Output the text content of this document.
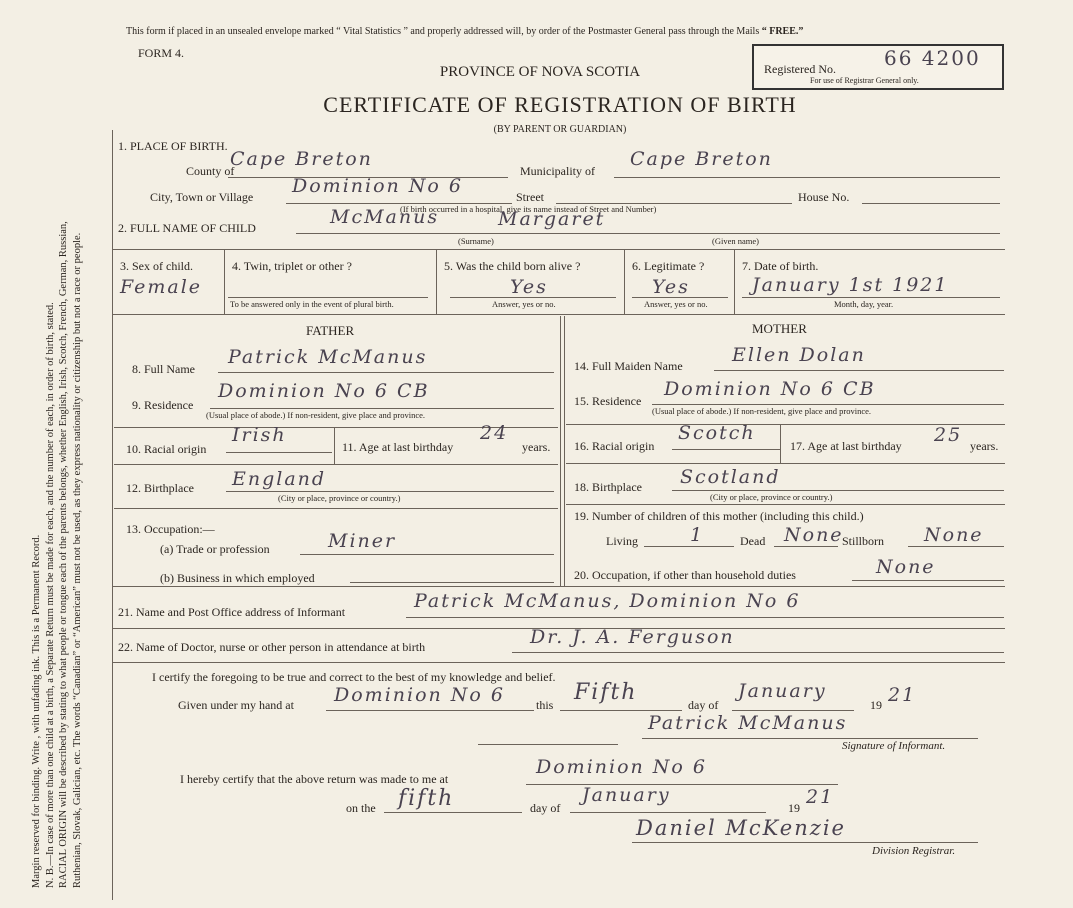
Margin reserved for binding. Write , with unfading ink. This is a Permanent Record. N. B.—In case of more than one child at a birth, a Separate Return must be made for each, and the number of each, in order of birth, stated. RACIAL ORIGIN will be described by stating to what people or tongue each of the parents belongs, whether English, Irish, Scotch, French, German, Russian, Ruthenian, Slovak, Galician, etc. The words “Canadian” or “American” must not be used, as they express nationality or citizenship but not a race or people.
This form if placed in an unsealed envelope marked “ Vital Statistics ” and properly addressed will, by order of the Postmaster General pass through the Mails “ FREE.”
FORM 4.
Registered No. 66 4200
For use of Registrar General only.
PROVINCE OF NOVA SCOTIA
CERTIFICATE OF REGISTRATION OF BIRTH
(BY PARENT OR GUARDIAN)
1. PLACE OF BIRTH.
County of
Cape Breton
Municipality of
Cape Breton
City, Town or Village Dominion No 6	Street	House No.
(If birth occurred in a hospital, give its name instead of Street and Number)
2. FULL NAME OF CHILD	McManus	Margaret
(Surname)	(Given name)
3. Sex of child.
Female
4. Twin, triplet or other ?
To be answered only in the event of plural birth.
5. Was the child born alive ?
Yes
Answer, yes or no.
6. Legitimate ?
Yes
Answer, yes or no.
7. Date of birth.
January 1st 1921
Month, day, year.
FATHER	MOTHER
8. Full Name
Patrick McManus
9. Residence
Dominion No 6 CB
(Usual place of abode.) If non-resident, give place and province.
10. Racial origin
Irish
11. Age at last birthday
24
years.
12. Birthplace England
(City or place, province or country.)
13. Occupation:—
(a) Trade or profession	Miner
(b) Business in which employed
14. Full Maiden Name	Ellen Dolan
15. Residence
Dominion No 6 CB
(Usual place of abode.) If non-resident, give place and province.
16. Racial origin
Scotch
17. Age at last birthday 25 years.
18. Birthplace Scotland
(City or place, province or country.)
19. Number of children of this mother (including this child.)
Living	1	Dead None
Stillborn None
20. Occupation, if other than household duties	None
21. Name and Post Office address of Informant	Patrick McManus, Dominion No 6
22. Name of Doctor, nurse or other person in attendance at birth	Dr. J. A. Ferguson
I certify the foregoing to be true and correct to the best of my knowledge and belief.
Given under my hand at Dominion No 6	this Fifth	day of
January
19 21
Patrick McManus
Signature of Informant.
I hereby certify that the above return was made to me at
Dominion No 6
on the fifth	day of
January
19 21
Daniel McKenzie
Division Registrar.
